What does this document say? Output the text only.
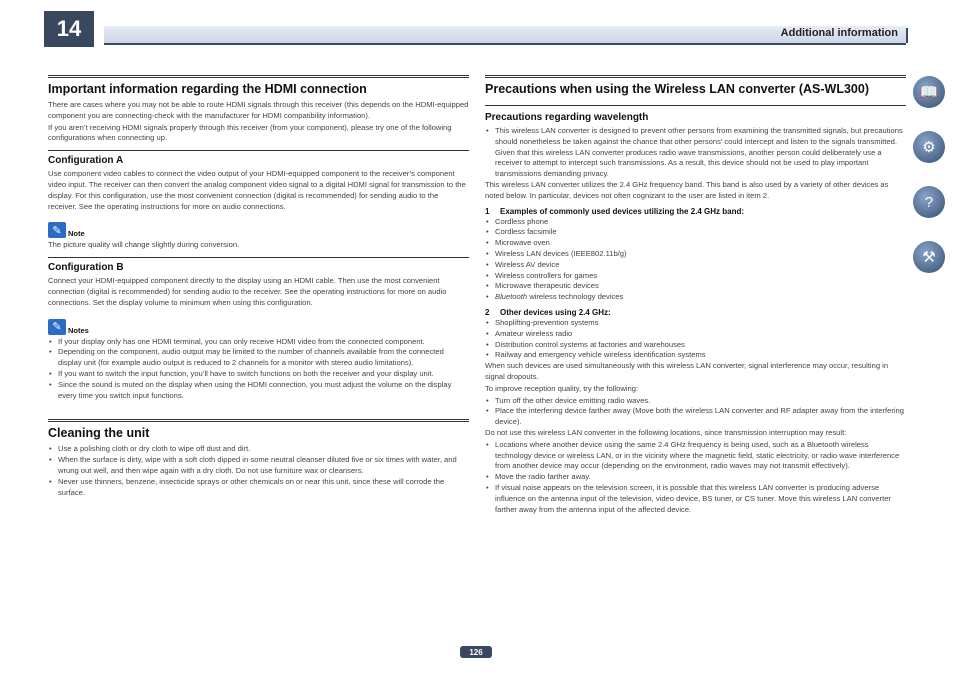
14	Additional information
Important information regarding the HDMI connection

There are cases where you may not be able to route HDMI signals through this receiver (this depends on the HDMI-equipped component you are connecting-check with the manufacturer for HDMI compatibility information).

If you aren’t receiving HDMI signals properly through this receiver (from your component), please try one of the following configurations when connecting up.

Configuration A

Use component video cables to connect the video output of your HDMI-equipped component to the receiver’s component video input. The receiver can then convert the analog component video signal to a digital HDMI signal for transmission to the display. For this configuration, use the most convenient connection (digital is recommended) for sending audio to the receiver. See the operating instructions for more on audio connections.

✎ Note

The picture quality will change slightly during conversion.

Configuration B

Connect your HDMI-equipped component directly to the display using an HDMI cable. Then use the most convenient connection (digital is recommended) for sending audio to the receiver. See the operating instructions for more on audio connections. Set the display volume to minimum when using this configuration.

✎ Notes
• If your display only has one HDMI terminal, you can only receive HDMI video from the connected component.
• Depending on the component, audio output may be limited to the number of channels available from the connected display unit (for example audio output is reduced to 2 channels for a monitor with stereo audio limitations).
• If you want to switch the input function, you’ll have to switch functions on both the receiver and your display unit.
• Since the sound is muted on the display when using the HDMI connection, you must adjust the volume on the display every time you switch input functions.
Cleaning the unit
• Use a polishing cloth or dry cloth to wipe off dust and dirt.
• When the surface is dirty, wipe with a soft cloth dipped in some neutral cleanser diluted five or six times with water, and wrung out well, and then wipe again with a dry cloth. Do not use furniture wax or cleansers.
• Never use thinners, benzene, insecticide sprays or other chemicals on or near this unit, since these will corrode the surface.
Precautions when using the Wireless LAN converter (AS-WL300)
Precautions regarding wavelength
• This wireless LAN converter is designed to prevent other persons from examining the transmitted signals, but precautions should nonetheless be taken against the chance that other persons’ could intercept and listen to the signals transmitted. Given that this wireless LAN converter produces radio wave transmissions, another person could deliberately use a receiver to attempt to intercept such transmissions. As a result, this device should not be used to play important transmissions demanding privacy.

This wireless LAN converter utilizes the 2.4 GHz frequency band. This band is also used by a variety of other devices as noted below. In particular, devices not often cognizant to the user are listed in item 2.

1 Examples of commonly used devices utilizing the 2.4 GHz band:
• Cordless phone
• Cordless facsimile
• Microwave oven
• Wireless LAN devices (IEEE802.11b/g)
• Wireless AV device
• Wireless controllers for games
• Microwave therapeutic devices
• Bluetooth wireless technology devices
2 Other devices using 2.4 GHz:
• Shoplifting-prevention systems
• Amateur wireless radio
• Distribution control systems at factories and warehouses
• Railway and emergency vehicle wireless identification systems

When such devices are used simultaneously with this wireless LAN converter, signal interference may occur, resulting in signal dropouts.

To improve reception quality, try the following:

• Turn off the other device emitting radio waves.
• Place the interfering device farther away (Move both the wireless LAN converter and RF adapter away from the interfering device).

Do not use this wireless LAN converter in the following locations, since transmission interruption may result:

• Locations where another device using the same 2.4 GHz frequency is being used, such as a Bluetooth wireless technology device or wireless LAN, or in the vicinity where the magnetic field, static electricity, or radio wave interference from another device may occur (depending on the environment, radio waves may not transmit effectively).
• Move the radio farther away.
• If visual noise appears on the television screen, it is possible that this wireless LAN converter is producing adverse influence on the antenna input of the television, video device, BS tuner, or CS tuner. Move this wireless LAN converter farther away from the antenna input of the affected device.
📖
⚙
?
⚒
126
